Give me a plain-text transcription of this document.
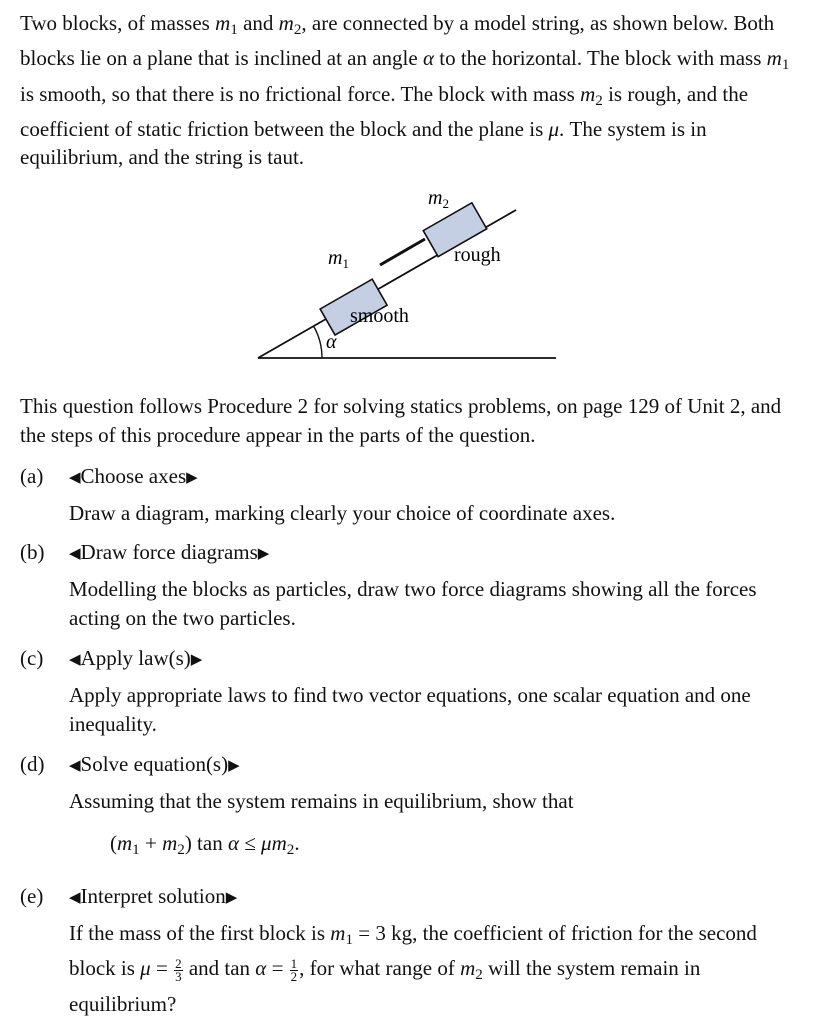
Two blocks, of masses $m_1$ and $m_2$, are connected by a model string, as shown below. Both blocks lie on a plane that is inclined at an angle α to the horizontal. The block with mass $m_1$ is smooth, so that there is no frictional force. The block with mass $m_2$ is rough, and the coefficient of static friction between the block and the plane is μ. The system is in equilibrium, and the string is taut.
$m_1$
$m_2$
rough
smooth
α
This question follows Procedure 2 for solving statics problems, on page 129 of Unit 2, and the steps of this procedure appear in the parts of the question.
(a) ◀Choose axes▶
Draw a diagram, marking clearly your choice of coordinate axes.
(b) ◀Draw force diagrams▶
Modelling the blocks as particles, draw two force diagrams showing all the forces acting on the two particles.
(c) ◀Apply law(s)▶
Apply appropriate laws to find two vector equations, one scalar equation and one inequality.
(d) ◀Solve equation(s)▶
Assuming that the system remains in equilibrium, show that
$(m_1 + m_2)$ $\tan \alpha \le \mu m_2$.
(e) ◀Interpret solution▶
If the mass of the first block is $m_1 = 3$ kg, the coefficient of friction for the second block is $\mu = \frac{2}{3}$ and $\tan \alpha = \frac{1}{2}$ , for what range of $m_2$ will the system remain in equilibrium?
